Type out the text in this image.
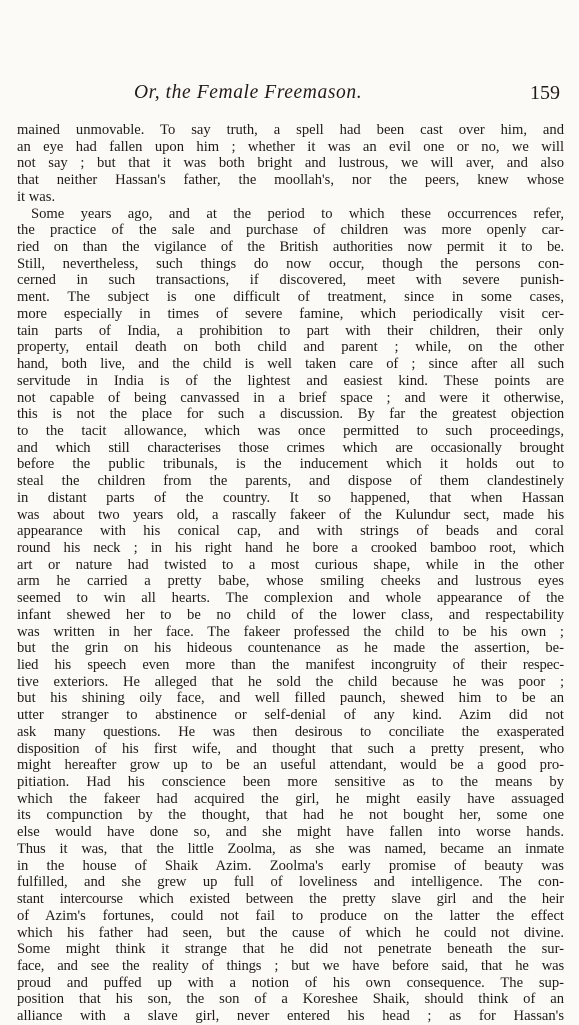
Or, the Female Freemason.	159
mained unmovable. To say truth, a spell had been cast over him, and
an eye had fallen upon him ; whether it was an evil one or no, we will
not say ; but that it was both bright and lustrous, we will aver, and also
that neither Hassan's father, the moollah's, nor the peers, knew whose
it was.
Some years ago, and at the period to which these occurrences refer,
the practice of the sale and purchase of children was more openly car-
ried on than the vigilance of the British authorities now permit it to be.
Still, nevertheless, such things do now occur, though the persons con-
cerned in such transactions, if discovered, meet with severe punish-
ment. The subject is one difficult of treatment, since in some cases,
more especially in times of severe famine, which periodically visit cer-
tain parts of India, a prohibition to part with their children, their only
property, entail death on both child and parent ; while, on the other
hand, both live, and the child is well taken care of ; since after all such
servitude in India is of the lightest and easiest kind. These points are
not capable of being canvassed in a brief space ; and were it otherwise,
this is not the place for such a discussion. By far the greatest objection
to the tacit allowance, which was once permitted to such proceedings,
and which still characterises those crimes which are occasionally brought
before the public tribunals, is the inducement which it holds out to
steal the children from the parents, and dispose of them clandestinely
in distant parts of the country. It so happened, that when Hassan
was about two years old, a rascally fakeer of the Kulundur sect, made his
appearance with his conical cap, and with strings of beads and coral
round his neck ; in his right hand he bore a crooked bamboo root, which
art or nature had twisted to a most curious shape, while in the other
arm he carried a pretty babe, whose smiling cheeks and lustrous eyes
seemed to win all hearts. The complexion and whole appearance of the
infant shewed her to be no child of the lower class, and respectability
was written in her face. The fakeer professed the child to be his own ;
but the grin on his hideous countenance as he made the assertion, be-
lied his speech even more than the manifest incongruity of their respec-
tive exteriors. He alleged that he sold the child because he was poor ;
but his shining oily face, and well filled paunch, shewed him to be an
utter stranger to abstinence or self-denial of any kind. Azim did not
ask many questions. He was then desirous to conciliate the exasperated
disposition of his first wife, and thought that such a pretty present, who
might hereafter grow up to be an useful attendant, would be a good pro-
pitiation. Had his conscience been more sensitive as to the means by
which the fakeer had acquired the girl, he might easily have assuaged
its compunction by the thought, that had he not bought her, some one
else would have done so, and she might have fallen into worse hands.
Thus it was, that the little Zoolma, as she was named, became an inmate
in the house of Shaik Azim. Zoolma's early promise of beauty was
fulfilled, and she grew up full of loveliness and intelligence. The con-
stant intercourse which existed between the pretty slave girl and the heir
of Azim's fortunes, could not fail to produce on the latter the effect
which his father had seen, but the cause of which he could not divine.
Some might think it strange that he did not penetrate beneath the sur-
face, and see the reality of things ; but we have before said, that he was
proud and puffed up with a notion of his own consequence. The sup-
position that his son, the son of a Koreshee Shaik, should think of an
alliance with a slave girl, never entered his head ; as for Hassan's
